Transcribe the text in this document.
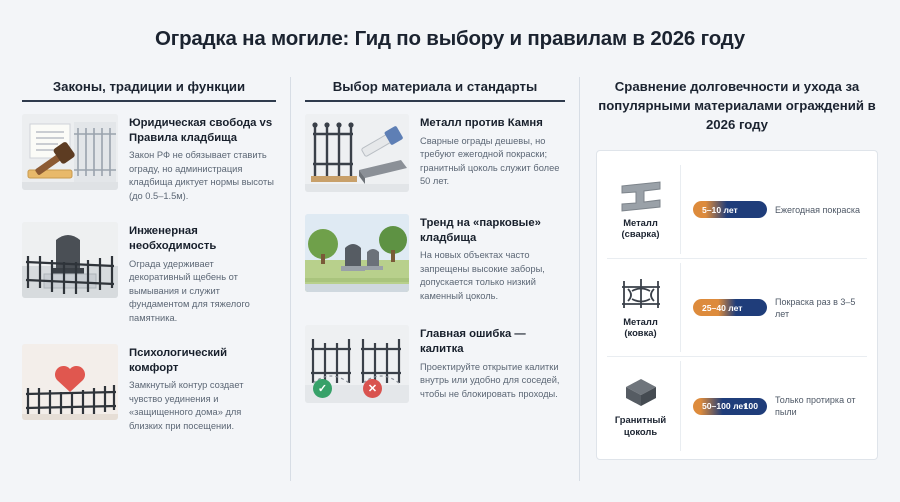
Оградка на могиле: Гид по выбору и правилам в 2026 году
Законы, традиции и функции
Юридическая свобода vs Правила кладбища
Закон РФ не обязывает ставить ограду, но администрация кладбища диктует нормы высоты (до 0.5–1.5м).
Инженерная необходимость
Ограда удерживает декоративный щебень от вымывания и служит фундаментом для тяжелого памятника.
Психологический комфорт
Замкнутый контур создает чувство уединения и «защищенного дома» для близких при посещении.
Выбор материала и стандарты
Металл против Камня
Сварные ограды дешевы, но требуют ежегодной покраски; гранитный цоколь служит более 50 лет.
Тренд на «парковые» кладбища
На новых объектах часто запрещены высокие заборы, допускается только низкий каменный цоколь.
✓	✕
Главная ошибка — калитка
Проектируйте открытие калитки внутрь или удобно для соседей, чтобы не блокировать проходы.
Сравнение долговечности и ухода за популярными материалами ограждений в 2026 году
Металл (сварка)
5–10 лет	Ежегодная покраска
Металл (ковка)
25–40 лет
Покраска раз в 3–5 лет
Гранитный цоколь
50–100 лет
100
Только протирка от пыли
